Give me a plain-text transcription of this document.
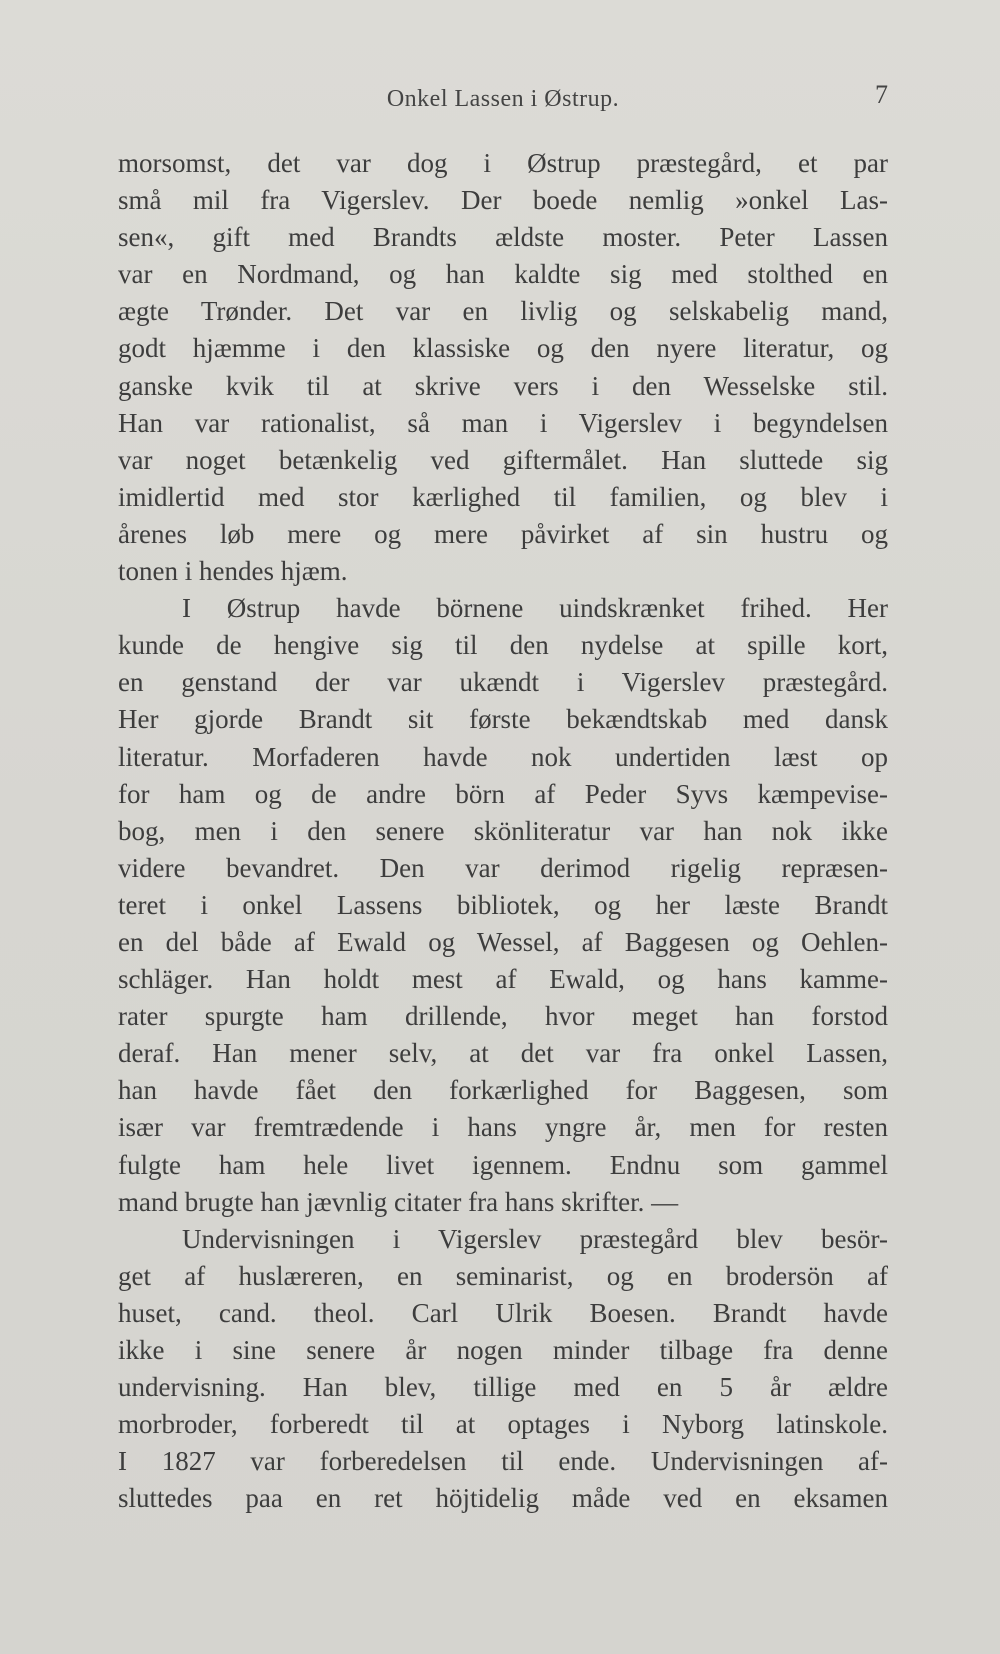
Onkel Lassen i Østrup.	7
morsomst, det var dog i Østrup præstegård, et par
små mil fra Vigerslev. Der boede nemlig »onkel Las-
sen«, gift med Brandts ældste moster. Peter Lassen
var en Nordmand, og han kaldte sig med stolthed en
ægte Trønder. Det var en livlig og selskabelig mand,
godt hjæmme i den klassiske og den nyere literatur, og
ganske kvik til at skrive vers i den Wesselske stil.
Han var rationalist, så man i Vigerslev i begyndelsen
var noget betænkelig ved giftermålet. Han sluttede sig
imidlertid med stor kærlighed til familien, og blev i
årenes løb mere og mere påvirket af sin hustru og
tonen i hendes hjæm.
I Østrup havde börnene uindskrænket frihed. Her
kunde de hengive sig til den nydelse at spille kort,
en genstand der var ukændt i Vigerslev præstegård.
Her gjorde Brandt sit første bekændtskab med dansk
literatur. Morfaderen havde nok undertiden læst op
for ham og de andre börn af Peder Syvs kæmpevise-
bog, men i den senere skönliteratur var han nok ikke
videre bevandret. Den var derimod rigelig repræsen-
teret i onkel Lassens bibliotek, og her læste Brandt
en del både af Ewald og Wessel, af Baggesen og Oehlen-
schläger. Han holdt mest af Ewald, og hans kamme-
rater spurgte ham drillende, hvor meget han forstod
deraf. Han mener selv, at det var fra onkel Lassen,
han havde fået den forkærlighed for Baggesen, som
især var fremtrædende i hans yngre år, men for resten
fulgte ham hele livet igennem. Endnu som gammel
mand brugte han jævnlig citater fra hans skrifter. —
Undervisningen i Vigerslev præstegård blev besör-
get af huslæreren, en seminarist, og en brodersön af
huset, cand. theol. Carl Ulrik Boesen. Brandt havde
ikke i sine senere år nogen minder tilbage fra denne
undervisning. Han blev, tillige med en 5 år ældre
morbroder, forberedt til at optages i Nyborg latinskole.
I 1827 var forberedelsen til ende. Undervisningen af-
sluttedes paa en ret höjtidelig måde ved en eksamen
